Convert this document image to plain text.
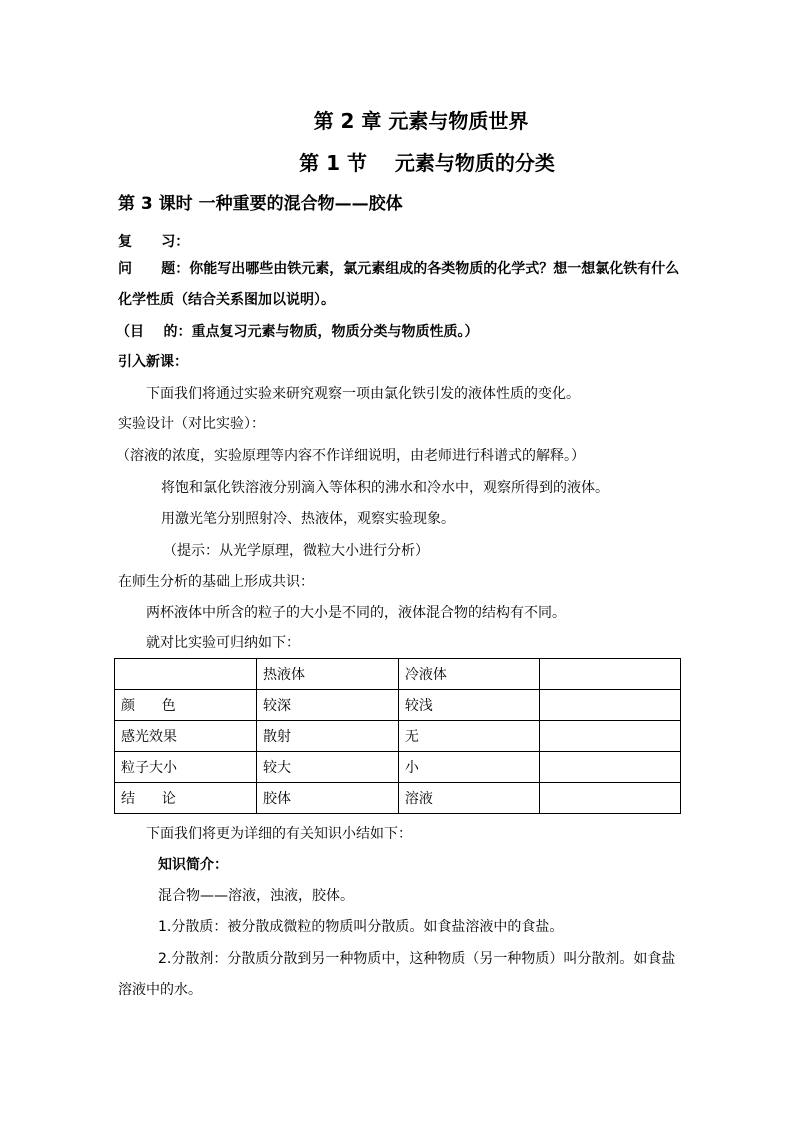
第 2 章 元素与物质世界
第 1 节    元素与物质的分类
第 3 课时 一种重要的混合物——胶体
复      习：
问      题：你能写出哪些由铁元素，氯元素组成的各类物质的化学式？想一想氯化铁有什么
化学性质（结合关系图加以说明）。
（目    的：重点复习元素与物质，物质分类与物质性质。）
引入新课：
下面我们将通过实验来研究观察一项由氯化铁引发的液体性质的变化。
实验设计（对比实验）：
（溶液的浓度，实验原理等内容不作详细说明，由老师进行科谱式的解释。）
将饱和氯化铁溶液分别滴入等体积的沸水和冷水中，观察所得到的液体。
用激光笔分别照射冷、热液体，观察实验现象。
（提示：从光学原理，微粒大小进行分析）
在师生分析的基础上形成共识：
两杯液体中所含的粒子的大小是不同的，液体混合物的结构有不同。
就对比实验可归纳如下：
	热液体	冷液体	
颜      色	较深	较浅	
感光效果	散射	无	
粒子大小	较大	小	
结      论	胶体	溶液	
下面我们将更为详细的有关知识小结如下：
知识简介：
混合物——溶液，浊液，胶体。
1.分散质：被分散成微粒的物质叫分散质。如食盐溶液中的食盐。
2.分散剂：分散质分散到另一种物质中，这种物质（另一种物质）叫分散剂。如食盐
溶液中的水。
